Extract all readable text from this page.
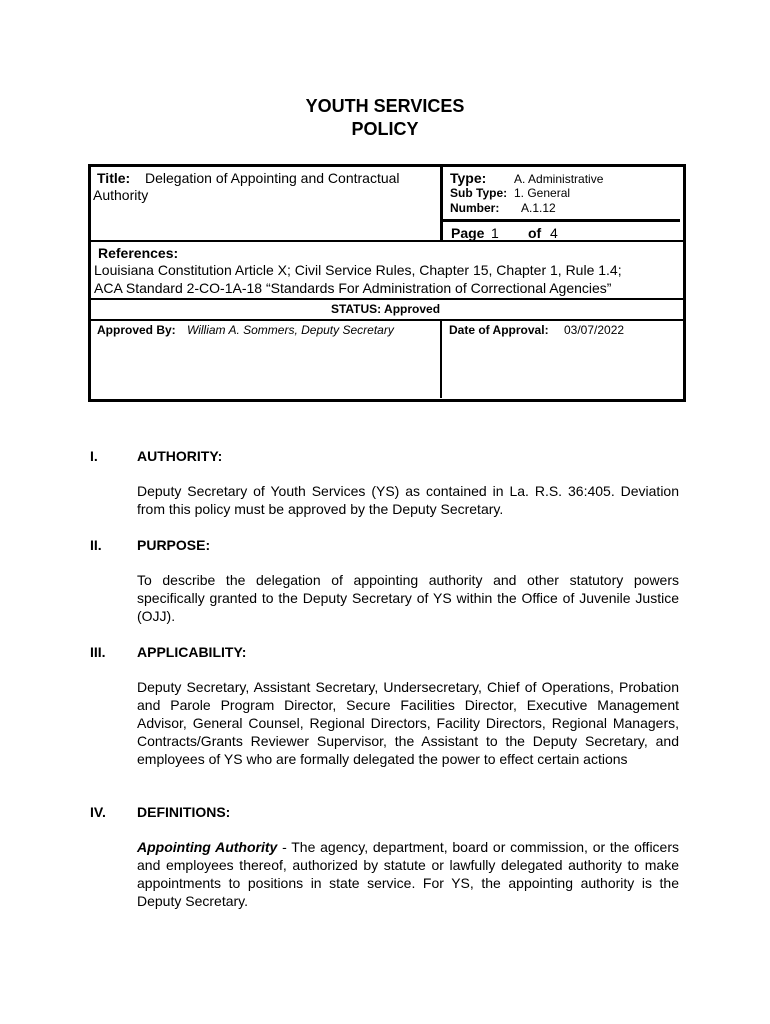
YOUTH SERVICES
POLICY
Title: Delegation of Appointing and Contractual
Authority
Type: A. Administrative
Sub Type: 1. General
Number: A.1.12
Page 1 of 4
References:
Louisiana Constitution Article X; Civil Service Rules, Chapter 15, Chapter 1, Rule 1.4;
ACA Standard 2-CO-1A-18 “Standards For Administration of Correctional Agencies”
STATUS: Approved
Approved By: William A. Sommers, Deputy Secretary	Date of Approval: 03/07/2022
I.	AUTHORITY:
Deputy Secretary of Youth Services (YS) as contained in La. R.S. 36:405. Deviation from this policy must be approved by the Deputy Secretary.
II.	PURPOSE:
To describe the delegation of appointing authority and other statutory powers specifically granted to the Deputy Secretary of YS within the Office of Juvenile Justice (OJJ).
III. APPLICABILITY:
Deputy Secretary, Assistant Secretary, Undersecretary, Chief of Operations, Probation and Parole Program Director, Secure Facilities Director, Executive Management Advisor, General Counsel, Regional Directors, Facility Directors, Regional Managers, Contracts/Grants Reviewer Supervisor, the Assistant to the Deputy Secretary, and employees of YS who are formally delegated the power to effect certain actions
IV. DEFINITIONS:
Appointing Authority - The agency, department, board or commission, or the officers and employees thereof, authorized by statute or lawfully delegated authority to make appointments to positions in state service. For YS, the appointing authority is the Deputy Secretary.
